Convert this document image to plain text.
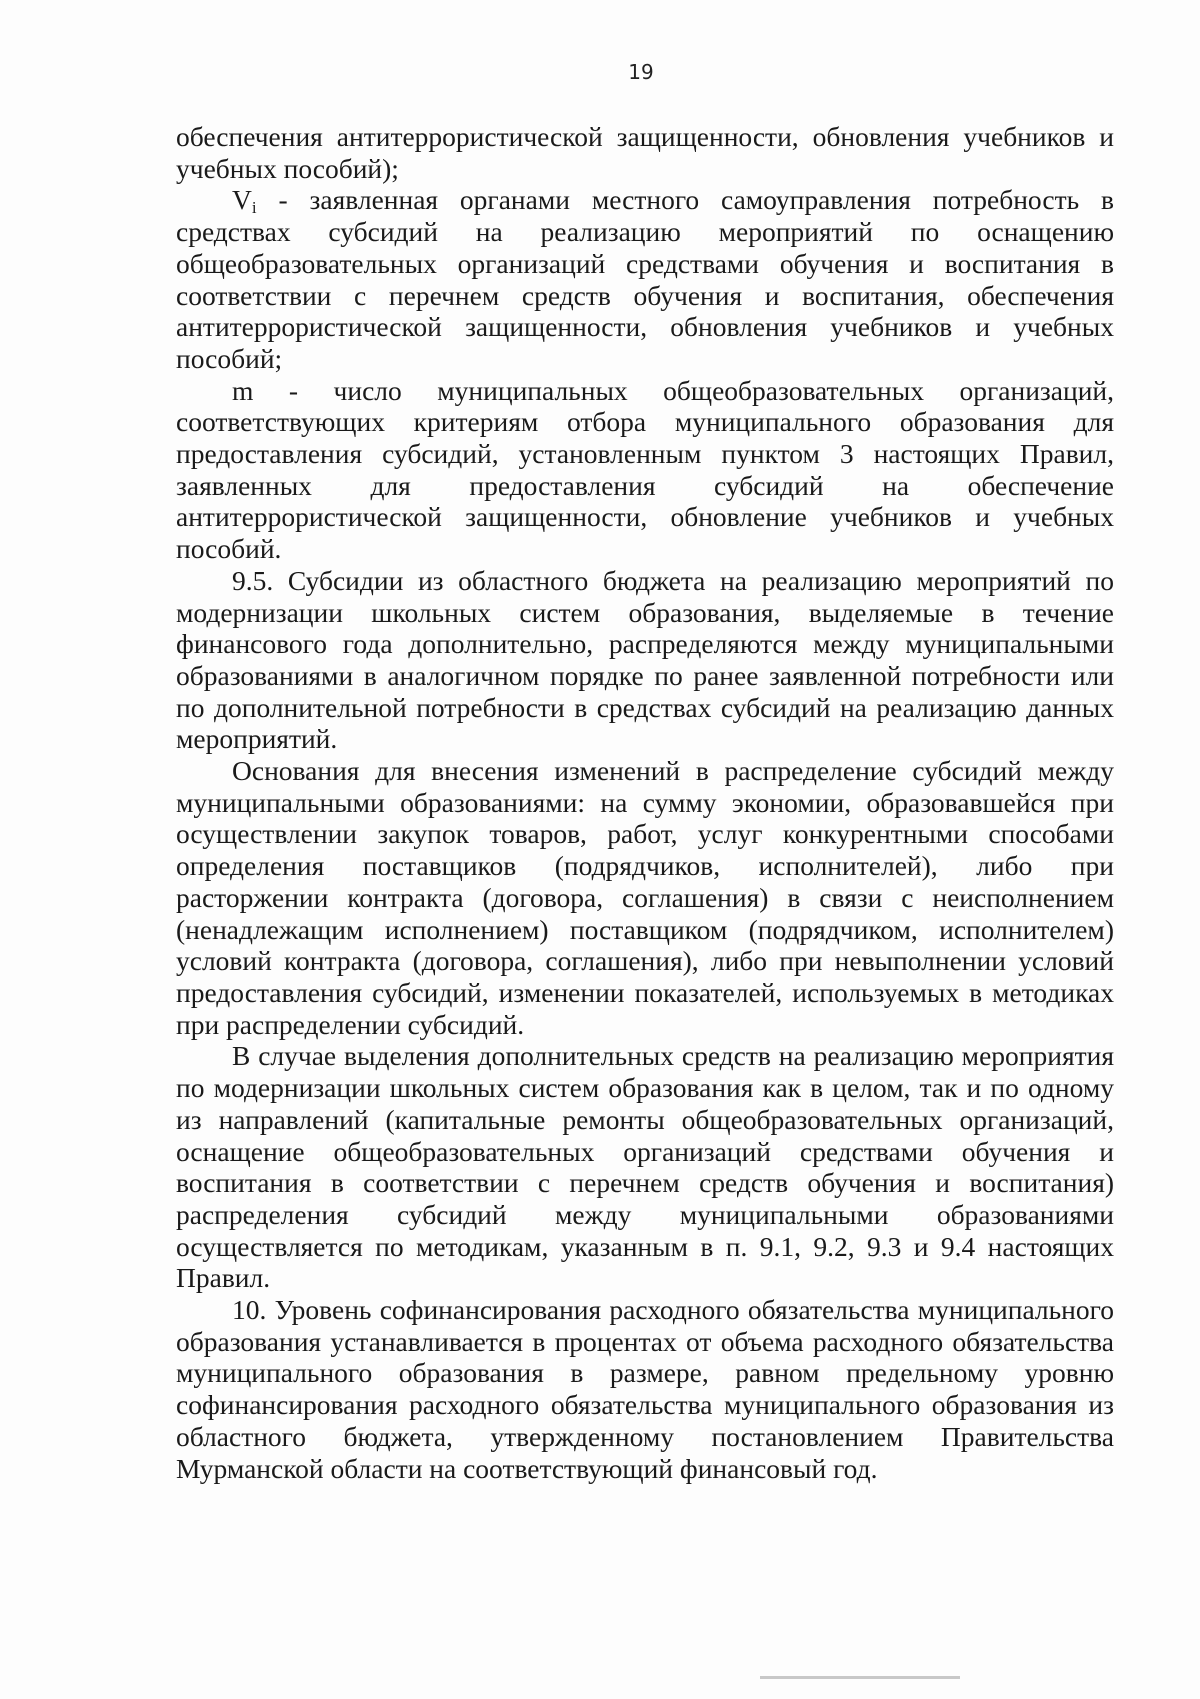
19

обеспечения антитеррористической защищенности, обновления учебников и учебных пособий);

$V_i$ - заявленная органами местного самоуправления потребность в средствах субсидий на реализацию мероприятий по оснащению общеобразовательных организаций средствами обучения и воспитания в соответствии с перечнем средств обучения и воспитания, обеспечения антитеррористической защищенности, обновления учебников и учебных пособий;

m - число муниципальных общеобразовательных организаций, соответствующих критериям отбора муниципального образования для предоставления субсидий, установленным пунктом 3 настоящих Правил, заявленных для предоставления субсидий на обеспечение антитеррористической защищенности, обновление учебников и учебных пособий.

9.5. Субсидии из областного бюджета на реализацию мероприятий по модернизации школьных систем образования, выделяемые в течение финансового года дополнительно, распределяются между муниципальными образованиями в аналогичном порядке по ранее заявленной потребности или по дополнительной потребности в средствах субсидий на реализацию данных мероприятий.

Основания для внесения изменений в распределение субсидий между муниципальными образованиями: на сумму экономии, образовавшейся при осуществлении закупок товаров, работ, услуг конкурентными способами определения поставщиков (подрядчиков, исполнителей), либо при расторжении контракта (договора, соглашения) в связи с неисполнением (ненадлежащим исполнением) поставщиком (подрядчиком, исполнителем) условий контракта (договора, соглашения), либо при невыполнении условий предоставления субсидий, изменении показателей, используемых в методиках при распределении субсидий.

В случае выделения дополнительных средств на реализацию мероприятия по модернизации школьных систем образования как в целом, так и по одному из направлений (капитальные ремонты общеобразовательных организаций, оснащение общеобразовательных организаций средствами обучения и воспитания в соответствии с перечнем средств обучения и воспитания) распределения субсидий между муниципальными образованиями осуществляется по методикам, указанным в п. 9.1, 9.2, 9.3 и 9.4 настоящих Правил.

10. Уровень софинансирования расходного обязательства муниципального образования устанавливается в процентах от объема расходного обязательства муниципального образования в размере, равном предельному уровню софинансирования расходного обязательства муниципального образования из областного бюджета, утвержденному постановлением Правительства Мурманской области на соответствующий финансовый год.
